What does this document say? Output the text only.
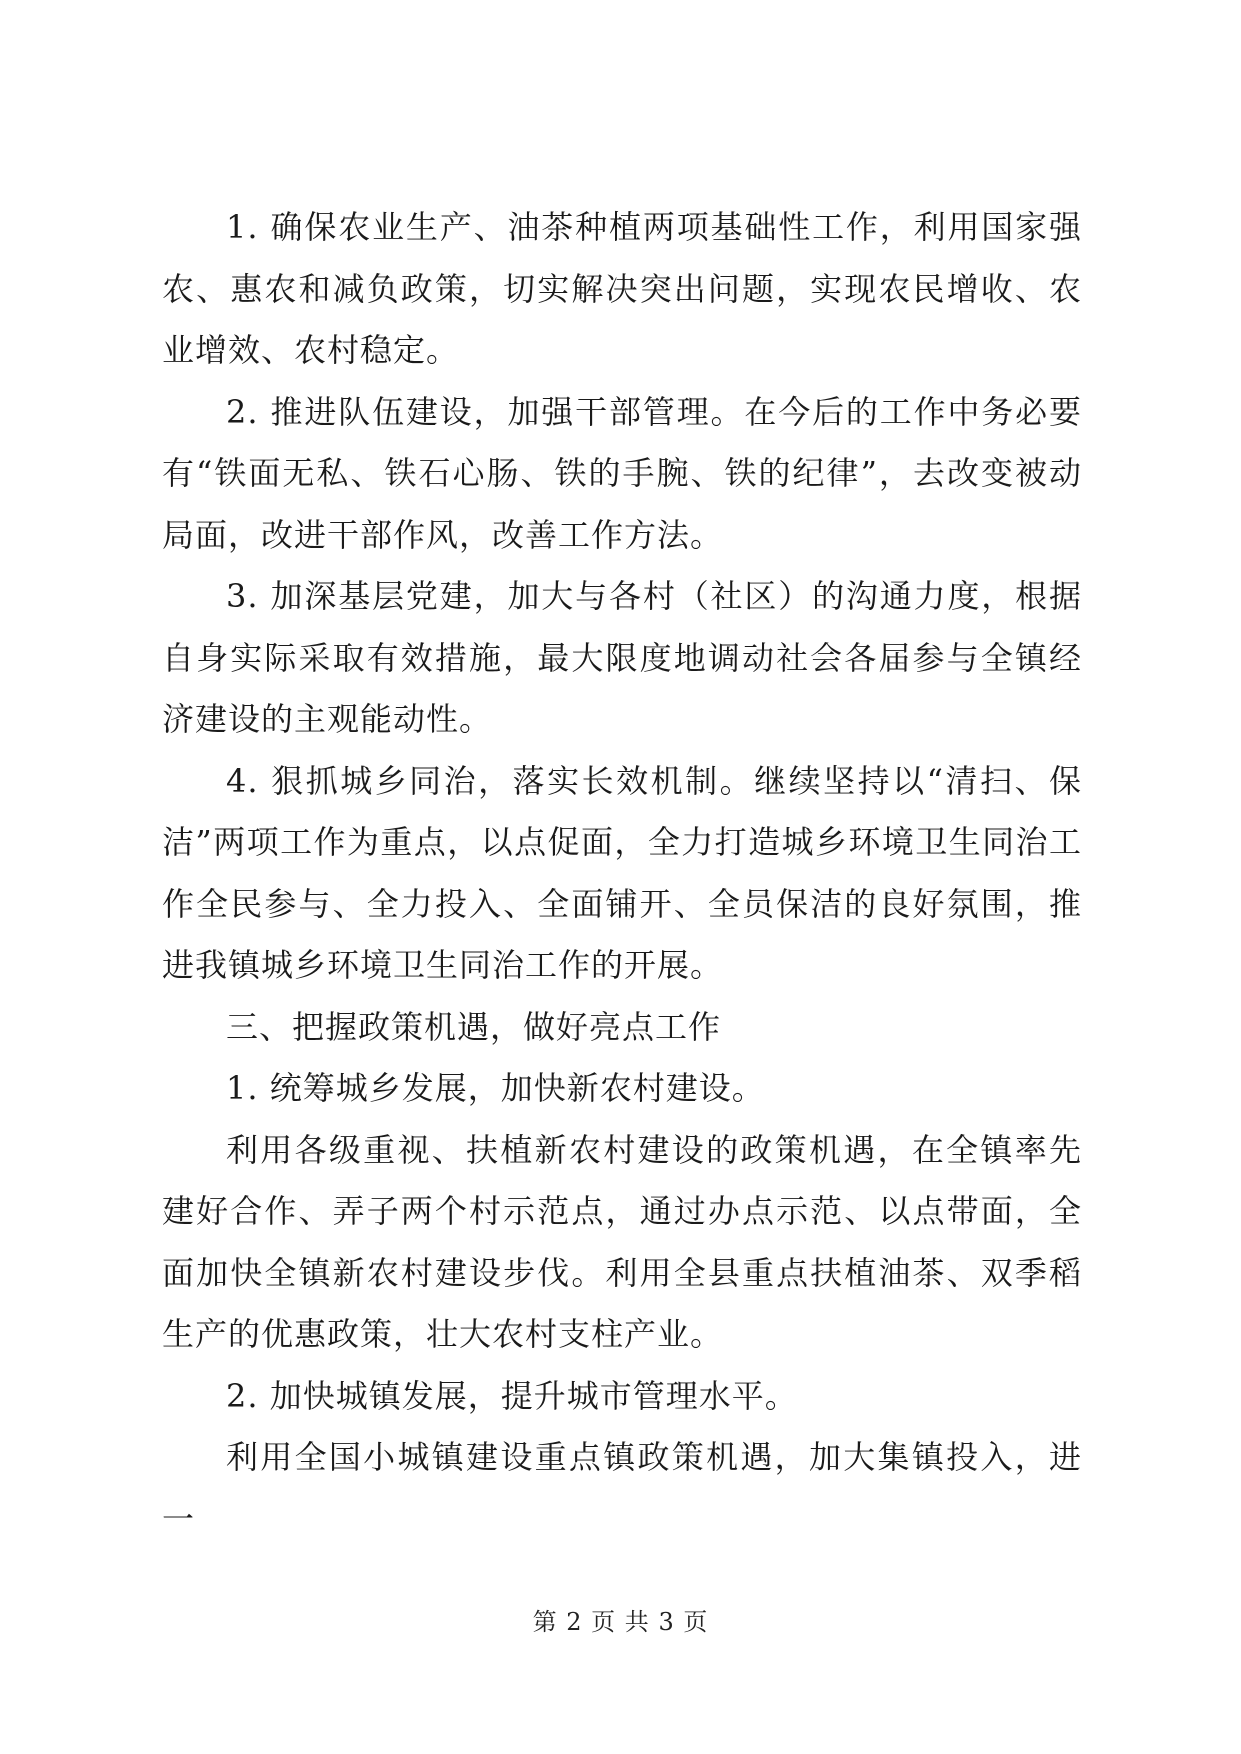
1. 确保农业生产、油茶种植两项基础性工作，利用国家强农、惠农和减负政策，切实解决突出问题，实现农民增收、农业增效、农村稳定。

2. 推进队伍建设，加强干部管理。在今后的工作中务必要有“铁面无私、铁石心肠、铁的手腕、铁的纪律”，去改变被动局面，改进干部作风，改善工作方法。

3. 加深基层党建，加大与各村（社区）的沟通力度，根据自身实际采取有效措施，最大限度地调动社会各届参与全镇经济建设的主观能动性。

4. 狠抓城乡同治，落实长效机制。继续坚持以“清扫、保洁”两项工作为重点，以点促面，全力打造城乡环境卫生同治工作全民参与、全力投入、全面铺开、全员保洁的良好氛围，推进我镇城乡环境卫生同治工作的开展。

三、把握政策机遇，做好亮点工作

1. 统筹城乡发展，加快新农村建设。

利用各级重视、扶植新农村建设的政策机遇，在全镇率先建好合作、弄子两个村示范点，通过办点示范、以点带面，全面加快全镇新农村建设步伐。利用全县重点扶植油茶、双季稻生产的优惠政策，壮大农村支柱产业。

2. 加快城镇发展，提升城市管理水平。

利用全国小城镇建设重点镇政策机遇，加大集镇投入，进一

第 2 页 共 3 页
